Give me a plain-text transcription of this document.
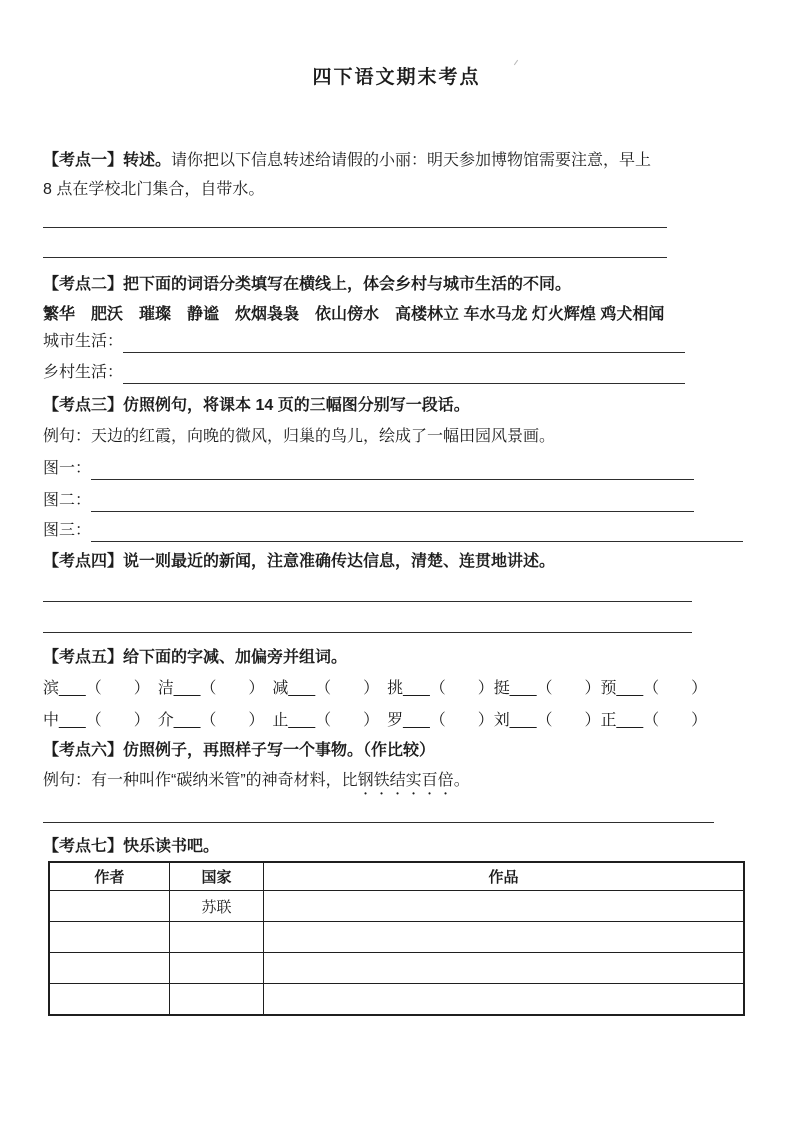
四下语文期末考点
【考点一】转述。请你把以下信息转述给请假的小丽：明天参加博物馆需要注意，早上
8 点在学校北门集合，自带水。
【考点二】把下面的词语分类填写在横线上，体会乡村与城市生活的不同。
繁华　肥沃　璀璨　静谧　炊烟袅袅　依山傍水　高楼林立 车水马龙 灯火辉煌 鸡犬相闻
城市生活：
乡村生活：
【考点三】仿照例句，将课本 14 页的三幅图分别写一段话。
例句：天边的红霞，向晚的微风，归巢的鸟儿，绘成了一幅田园风景画。
图一：
图二：
图三：
【考点四】说一则最近的新闻，注意准确传达信息，清楚、连贯地讲述。
【考点五】给下面的字减、加偏旁并组词。
滨___（　　）　洁___（　　）　减___（　　）　挑___（　　）挺___（　　）预___（　　）
中___（　　）　介___（　　）　止___（　　）　罗___（　　）刘___（　　）正___（　　）
【考点六】仿照例子，再照样子写一个事物。（作比较）
例句：有一种叫作“碳纳米管”的神奇材料，比钢铁结实百倍。
【考点七】快乐读书吧。
作者	国家	作品
	苏联	
